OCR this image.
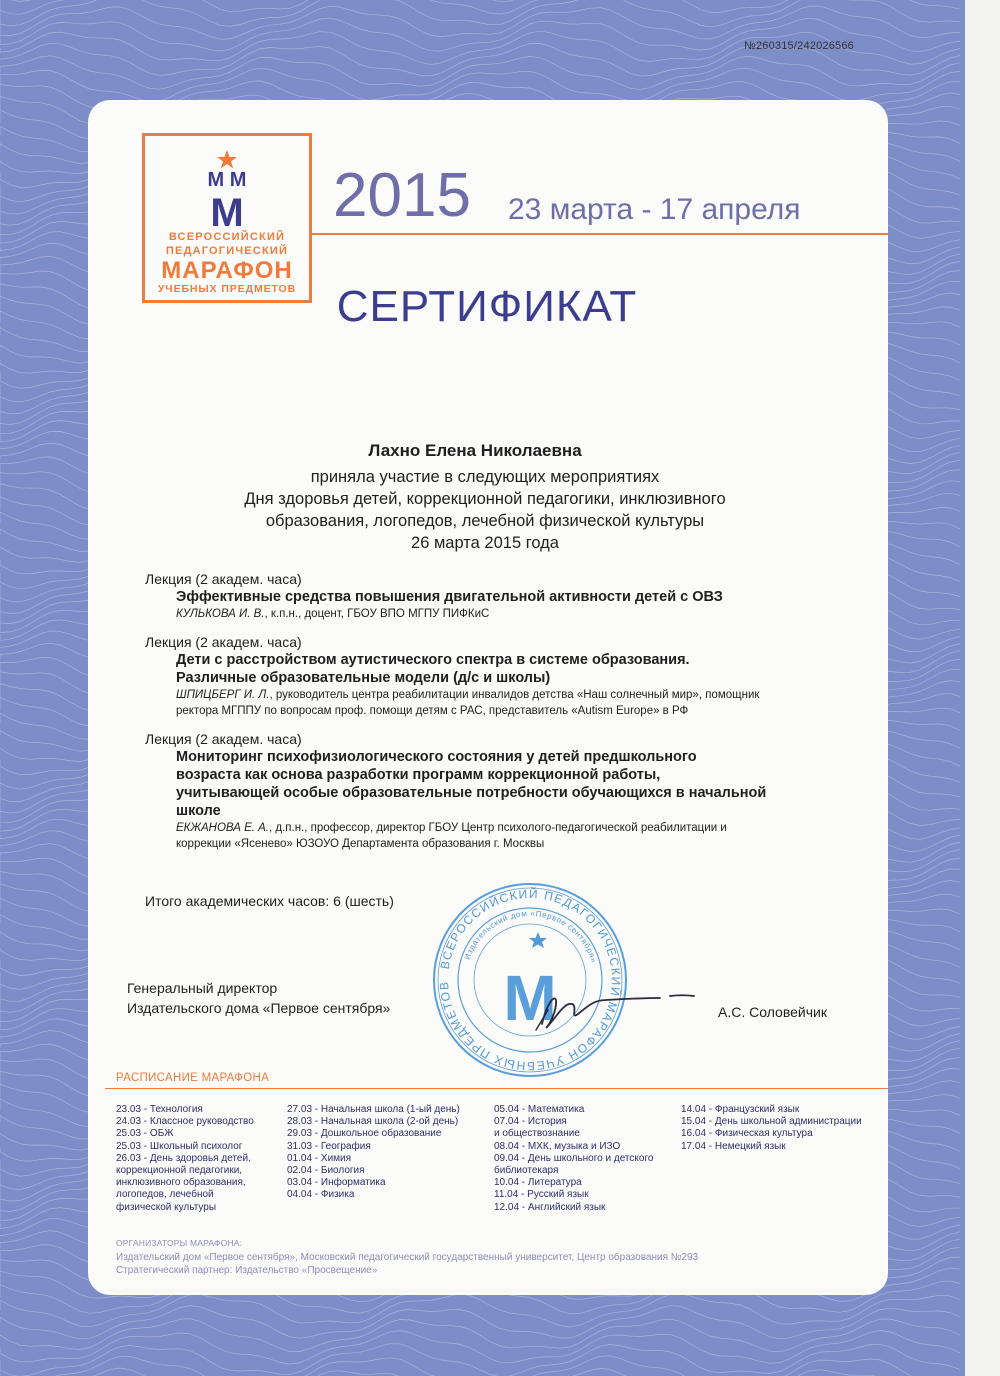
№260315/242026566
M M
M
ВСЕРОССИЙСКИЙ
ПЕДАГОГИЧЕСКИЙ
МАРАФОН
УЧЕБНЫХ ПРЕДМЕТОВ
2015 23 марта - 17 апреля
СЕРТИФИКАТ
Лахно Елена Николаевна
приняла участие в следующих мероприятиях
Дня здоровья детей, коррекционной педагогики, инклюзивного
образования, логопедов, лечебной физической культуры
26 марта 2015 года
Лекция (2 академ. часа)
Эффективные средства повышения двигательной активности детей с ОВЗ
КУЛЬКОВА И. В., к.п.н., доцент, ГБОУ ВПО МГПУ ПИФКиС
Лекция (2 академ. часа)
Дети с расстройством аутистического спектра в системе образования.
Различные образовательные модели (д/с и школы)
ШПИЦБЕРГ И. Л., руководитель центра реабилитации инвалидов детства «Наш солнечный мир», помощник
ректора МГППУ по вопросам проф. помощи детям с РАС, представитель «Autism Europe» в РФ
Лекция (2 академ. часа)
Мониторинг психофизиологического состояния у детей предшкольного
возраста как основа разработки программ коррекционной работы,
учитывающей особые образовательные потребности обучающихся в начальной
школе
ЕКЖАНОВА Е. А., д.п.н., профессор, директор ГБОУ Центр психолого-педагогической реабилитации и
коррекции «Ясенево» ЮЗОУО Департамента образования г. Москвы
Итого академических часов: 6 (шесть)
ВСЕРОССИЙСКИЙ ПЕДАГОГИЧЕСКИЙ МАРАФОН УЧЕБНЫХ ПРЕДМЕТОВ
Издательский дом «Первое сентября»
M
Генеральный директор
Издательского дома «Первое сентября»	А.С. Соловейчик
РАСПИСАНИЕ МАРАФОНА
23.03 - Технология
24.03 - Классное руководство
25.03 - ОБЖ
25.03 - Школьный психолог
26.03 - День здоровья детей,
коррекционной педагогики,
инклюзивного образования,
логопедов, лечебной
физической культуры
27.03 - Начальная школа (1-ый день)
28.03 - Начальная школа (2-ой день)
29.03 - Дошкольное образование
31.03 - География
01.04 - Химия
02.04 - Биология
03.04 - Информатика
04.04 - Физика
05.04 - Математика
07.04 - История
и обществознание
08.04 - МХК, музыка и ИЗО
09.04 - День школьного и детского
библиотекаря
10.04 - Литература
11.04 - Русский язык
12.04 - Английский язык
14.04 - Французский язык
15.04 - День школьной администрации
16.04 - Физическая культура
17.04 - Немецкий язык
ОРГАНИЗАТОРЫ МАРАФОНА:
Издательский дом «Первое сентября», Московский педагогический государственный университет, Центр образования №293
Стратегический партнер: Издательство «Просвещение»
